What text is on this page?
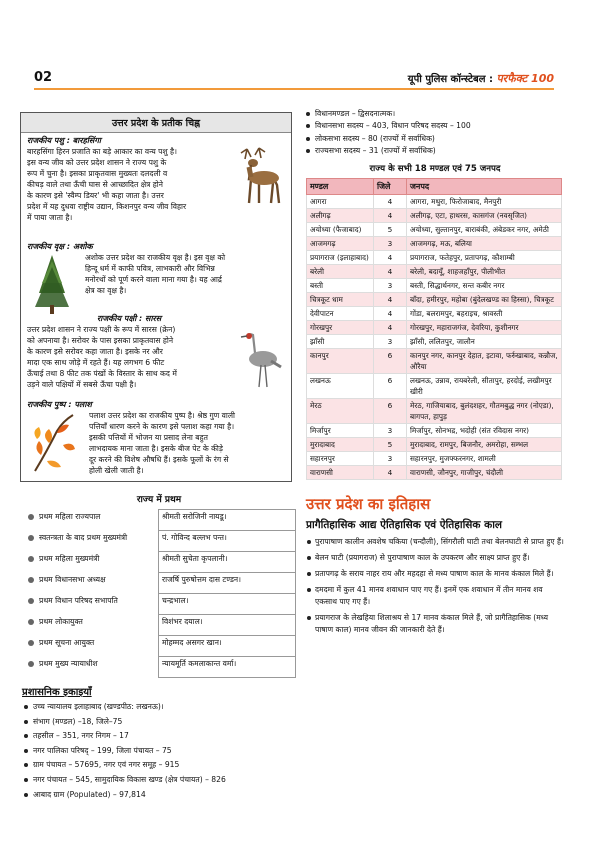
02	यूपी पुलिस कॉन्स्टेबल : परफैक्ट 100
उत्तर प्रदेश के प्रतीक चिह्न
राजकीय पशु : बारहसिंगा

बारहसिंगा हिरन प्रजाति का बड़े आकार का वन्य पशु है।

इस वन्य जीव को उत्तर प्रदेश शासन ने राज्य पशु के

रूप में चुना है। इसका प्राकृतवास मुख्यतः दलदली व

कीचड़ वाले तथा ऊँची घास से आच्छादित क्षेत्र होने

के कारण इसे 'स्वैम्प डियर' भी कहा जाता है। उत्तर

प्रदेश में यह दुधवा राष्ट्रीय उद्यान, किशनपुर वन्य जीव विहार

में पाया जाता है।

राजकीय वृक्ष : अशोक

अशोक उत्तर प्रदेश का राजकीय वृक्ष है। इस वृक्ष को

हिन्दू धर्म में काफी पवित्र, लाभकारी और विभिन्न

मनोरथों को पूर्ण करने वाला माना गया है। यह आर्द्र

क्षेत्र का वृक्ष है।

राजकीय पक्षी : सारस

उत्तर प्रदेश शासन ने राज्य पक्षी के रूप में सारस (क्रेन)

को अपनाया है। सरोवर के पास इसका प्राकृतवास होने

के कारण इसे सरोवर कहा जाता है। इसके नर और

मादा एक साथ जोड़े में रहते हैं। यह लगभग 6 फीट

ऊँचाई तथा 8 फीट तक पंखों के विस्तार के साथ कद में

उड़ने वाले पक्षियों में सबसे ऊँचा पक्षी है।

राजकीय पुष्प : पलाश

पलाश उत्तर प्रदेश का राजकीय पुष्प है। श्रेष्ठ गुण वाली

पत्तियाँ धारण करने के कारण इसे पलाश कहा गया है।

इसकी पत्तियों में भोजन या प्रसाद लेना बहुत

लाभदायक माना जाता है। इसके बीज पेट के कीड़े

दूर करने की विशेष औषधि हैं। इसके फूलों के रंग से

होली खेली जाती है।

राज्य में प्रथम
प्रथम महिला राज्यपाल	श्रीमती सरोजिनी नायडू।
स्वतन्त्रता के बाद प्रथम मुख्यमंत्री	पं. गोविन्द बल्लभ पन्त।
प्रथम महिला मुख्यमंत्री	श्रीमती सुचेता कृपलानी।
प्रथम विधानसभा अध्यक्ष	राजर्षि पुरुषोत्तम दास टण्डन।
प्रथम विधान परिषद सभापति	चन्द्रभाल।
प्रथम लोकायुक्त	विशंभर दयाल।
प्रथम सूचना आयुक्त	मोहम्मद असगर खान।
प्रथम मुख्य न्यायाधीश	न्यायमूर्ति कमलाकान्त वर्मा।
प्रशासनिक इकाइयाँ
उच्च न्यायालय इलाहाबाद (खण्डपीठ: लखनऊ)।
संभाग (मण्डल) –18, जिले–75
तहसील – 351, नगर निगम – 17
नगर पालिका परिषद् – 199, जिला पंचायत – 75
ग्राम पंचायत – 57695, नगर एवं नगर समूह – 915
नगर पंचायत – 545, सामुदायिक विकास खण्ड (क्षेत्र पंचायत) – 826
आबाद ग्राम (Populated) – 97,814
विधानमण्डल – द्विसदनात्मक।
विधानसभा सदस्य – 403, विधान परिषद सदस्य – 100
लोकसभा सदस्य – 80 (राज्यों में सर्वाधिक)
राज्यसभा सदस्य – 31 (राज्यों में सर्वाधिक)
राज्य के सभी 18 मण्डल एवं 75 जनपद
मण्डल	जिले	जनपद
आगरा	4	आगरा, मथुरा, फिरोजाबाद, मैनपुरी
अलीगढ़	4	अलीगढ़, एटा, हाथरस, कासगंज (नवसृजित)
अयोध्या (फैजाबाद)	5	अयोध्या, सुल्तानपुर, बाराबंकी, अंबेडकर नगर, अमेठी
आजमगढ़	3	आजमगढ़, मऊ, बलिया
प्रयागराज (इलाहाबाद)	4	प्रयागराज, फतेहपुर, प्रतापगढ़, कौशाम्बी
बरेली	4	बरेली, बदायूँ, शाहजहाँपुर, पीलीभीत
बस्ती	3	बस्ती, सिद्धार्थनगर, सन्त कबीर नगर
चित्रकूट धाम	4	बाँदा, हमीरपुर, महोबा (बुंदेलखण्ड का हिस्सा), चित्रकूट
देवीपाटन	4	गोंडा, बलरामपुर, बहराइच, श्रावस्ती
गोरखपुर	4	गोरखपुर, महाराजगंज, देवरिया, कुशीनगर
झाँसी	3	झाँसी, ललितपुर, जालौन
कानपुर	6	कानपुर नगर, कानपुर देहात, इटावा, फर्रुखाबाद, कन्नौज, औरैया
लखनऊ	6	लखनऊ, उन्नाव, रायबरेली, सीतापुर, हरदोई, लखीमपुर खीरी
मेरठ	6	मेरठ, गाजियाबाद, बुलंदशहर, गौतमबुद्ध नगर (नोएडा), बागपत, हापुड़
मिर्जापुर	3	मिर्जापुर, सोनभद्र, भदोही (संत रविदास नगर)
मुरादाबाद	5	मुरादाबाद, रामपुर, बिजनौर, अमरोहा, सम्भल
सहारनपुर	3	सहारनपुर, मुजफ्फरनगर, शामली
वाराणसी	4	वाराणसी, जौनपुर, गाजीपुर, चंदौली
उत्तर प्रदेश का इतिहास
प्रागैतिहासिक आद्य ऐतिहासिक एवं ऐतिहासिक काल
पुरापाषाण कालीन अवशेष चकिया (चन्दौली), सिंगरौली घाटी तथा बेलनघाटी से प्राप्त हुए हैं।
बेलन घाटी (प्रयागराज) से पुरापाषाण काल के उपकरण और साक्ष्य प्राप्त हुए हैं।
प्रतापगढ़ के सराय नाहर राय और महदहा से मध्य पाषाण काल के मानव कंकाल मिले हैं।
दमदमा में कुल 41 मानव शवाधान पाए गए हैं। इनमें एक शवाधान में तीन मानव शव एकसाथ पाए गए हैं।
प्रयागराज के लेखहिया शिलाश्रय से 17 मानव कंकाल मिले हैं, जो प्रागैतिहासिक (मध्य पाषाण काल) मानव जीवन की जानकारी देते हैं।
